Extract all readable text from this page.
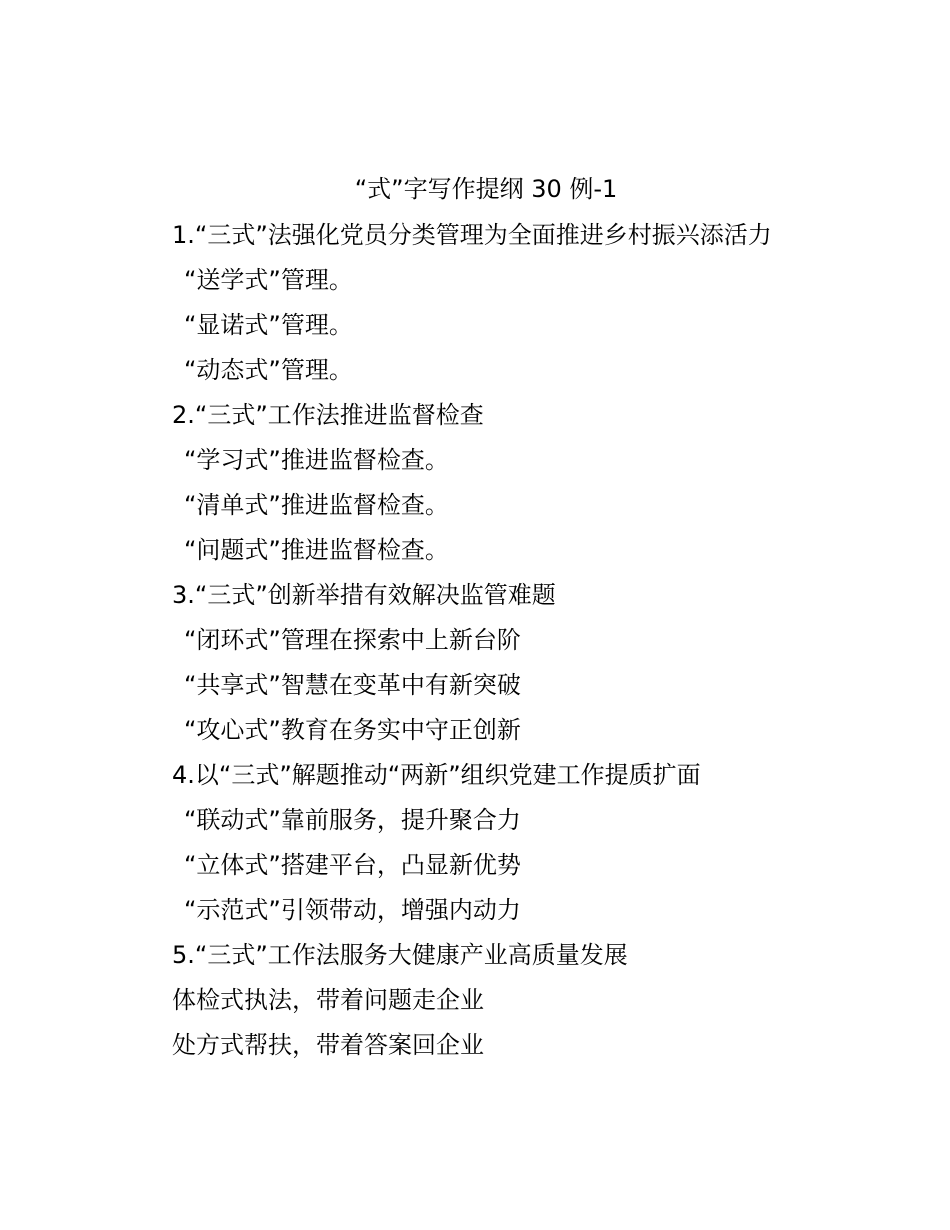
“式”字写作提纲 30 例-1
1.“三式”法强化党员分类管理为全面推进乡村振兴添活力
“送学式”管理。
“显诺式”管理。
“动态式”管理。
2.“三式”工作法推进监督检查
“学习式”推进监督检查。
“清单式”推进监督检查。
“问题式”推进监督检查。
3.“三式”创新举措有效解决监管难题
“闭环式”管理在探索中上新台阶
“共享式”智慧在变革中有新突破
“攻心式”教育在务实中守正创新
4.以“三式”解题推动“两新”组织党建工作提质扩面
“联动式”靠前服务，提升聚合力
“立体式”搭建平台，凸显新优势
“示范式”引领带动，增强内动力
5.“三式”工作法服务大健康产业高质量发展
体检式执法，带着问题走企业
处方式帮扶，带着答案回企业
